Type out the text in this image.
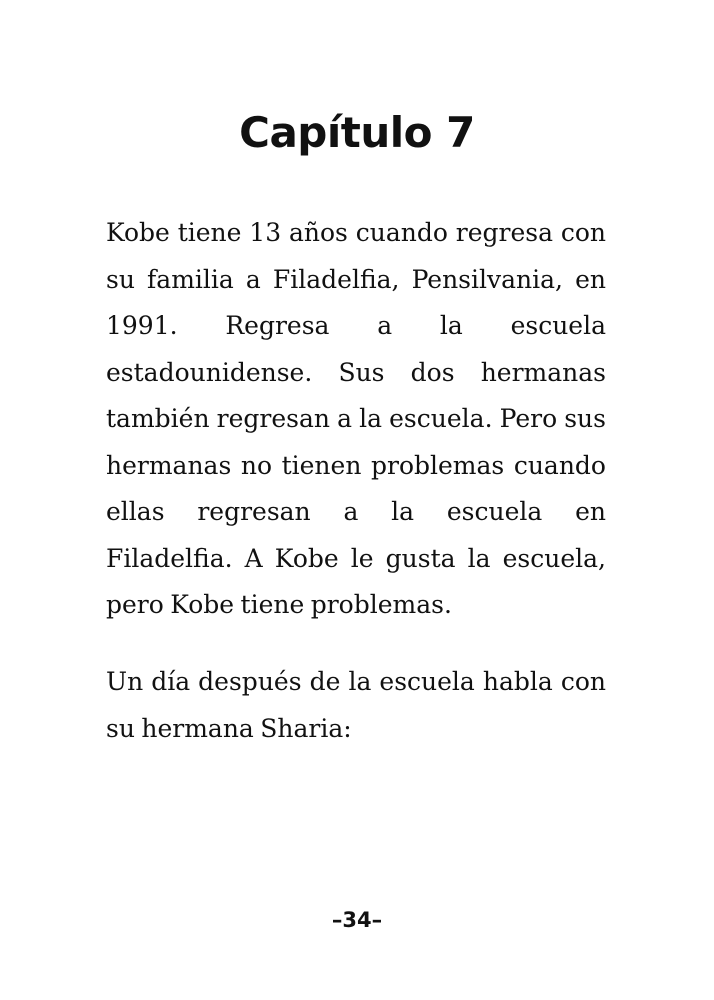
Capítulo 7

Kobe tiene 13 años cuando regresa con su familia a Filadelfia, Pensilvania, en 1991. Regresa a la escuela estadounidense. Sus dos hermanas también regresan a la escuela. Pero sus hermanas no tienen problemas cuando ellas regresan a la escuela en Filadelfia. A Kobe le gusta la escuela, pero Kobe tiene problemas.

Un día después de la escuela habla con su hermana Sharia:

–34–
